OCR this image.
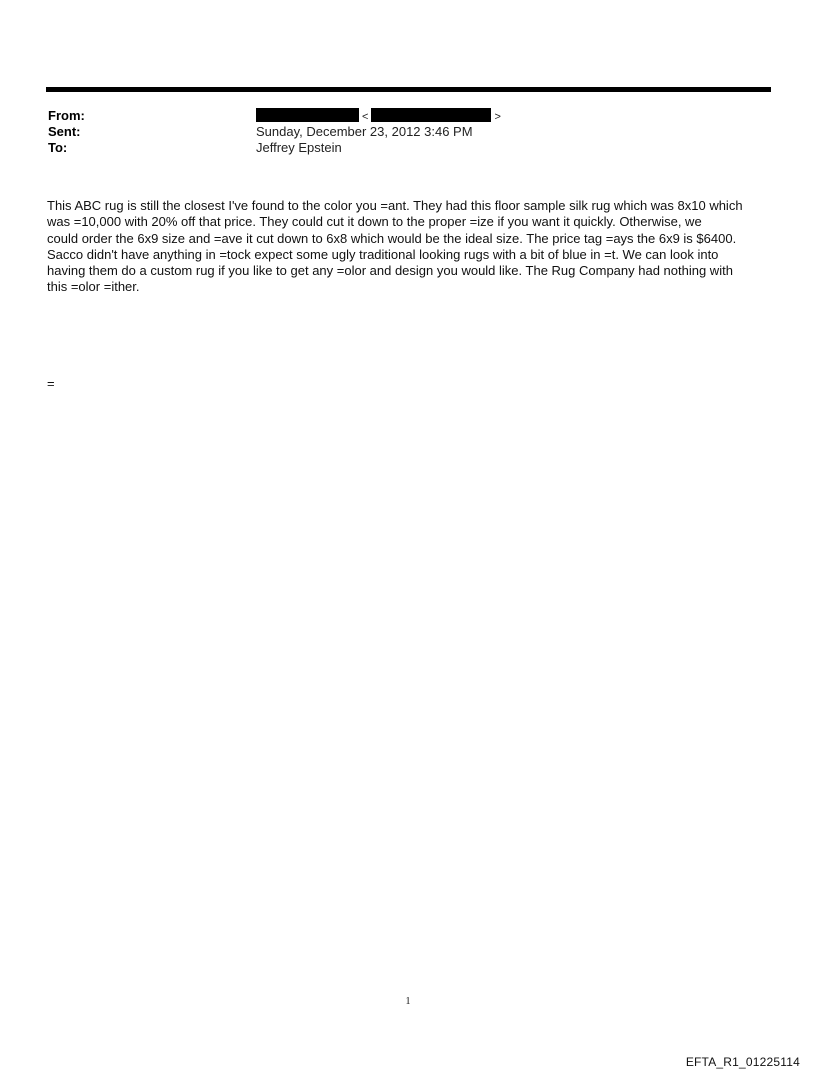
From:	<	>
Sent:	Sunday, December 23, 2012 3:46 PM
To:	Jeffrey Epstein
This ABC rug is still the closest I've found to the color you =ant. They had this floor sample silk rug which was 8x10 which
was =10,000 with 20% off that price. They could cut it down to the proper =ize if you want it quickly. Otherwise, we
could order the 6x9 size and =ave it cut down to 6x8 which would be the ideal size. The price tag =ays the 6x9 is $6400.
Sacco didn't have anything in =tock expect some ugly traditional looking rugs with a bit of blue in =t. We can look into
having them do a custom rug if you like to get any =olor and design you would like. The Rug Company had nothing with
this =olor =ither.
=
1
EFTA_R1_01225114
